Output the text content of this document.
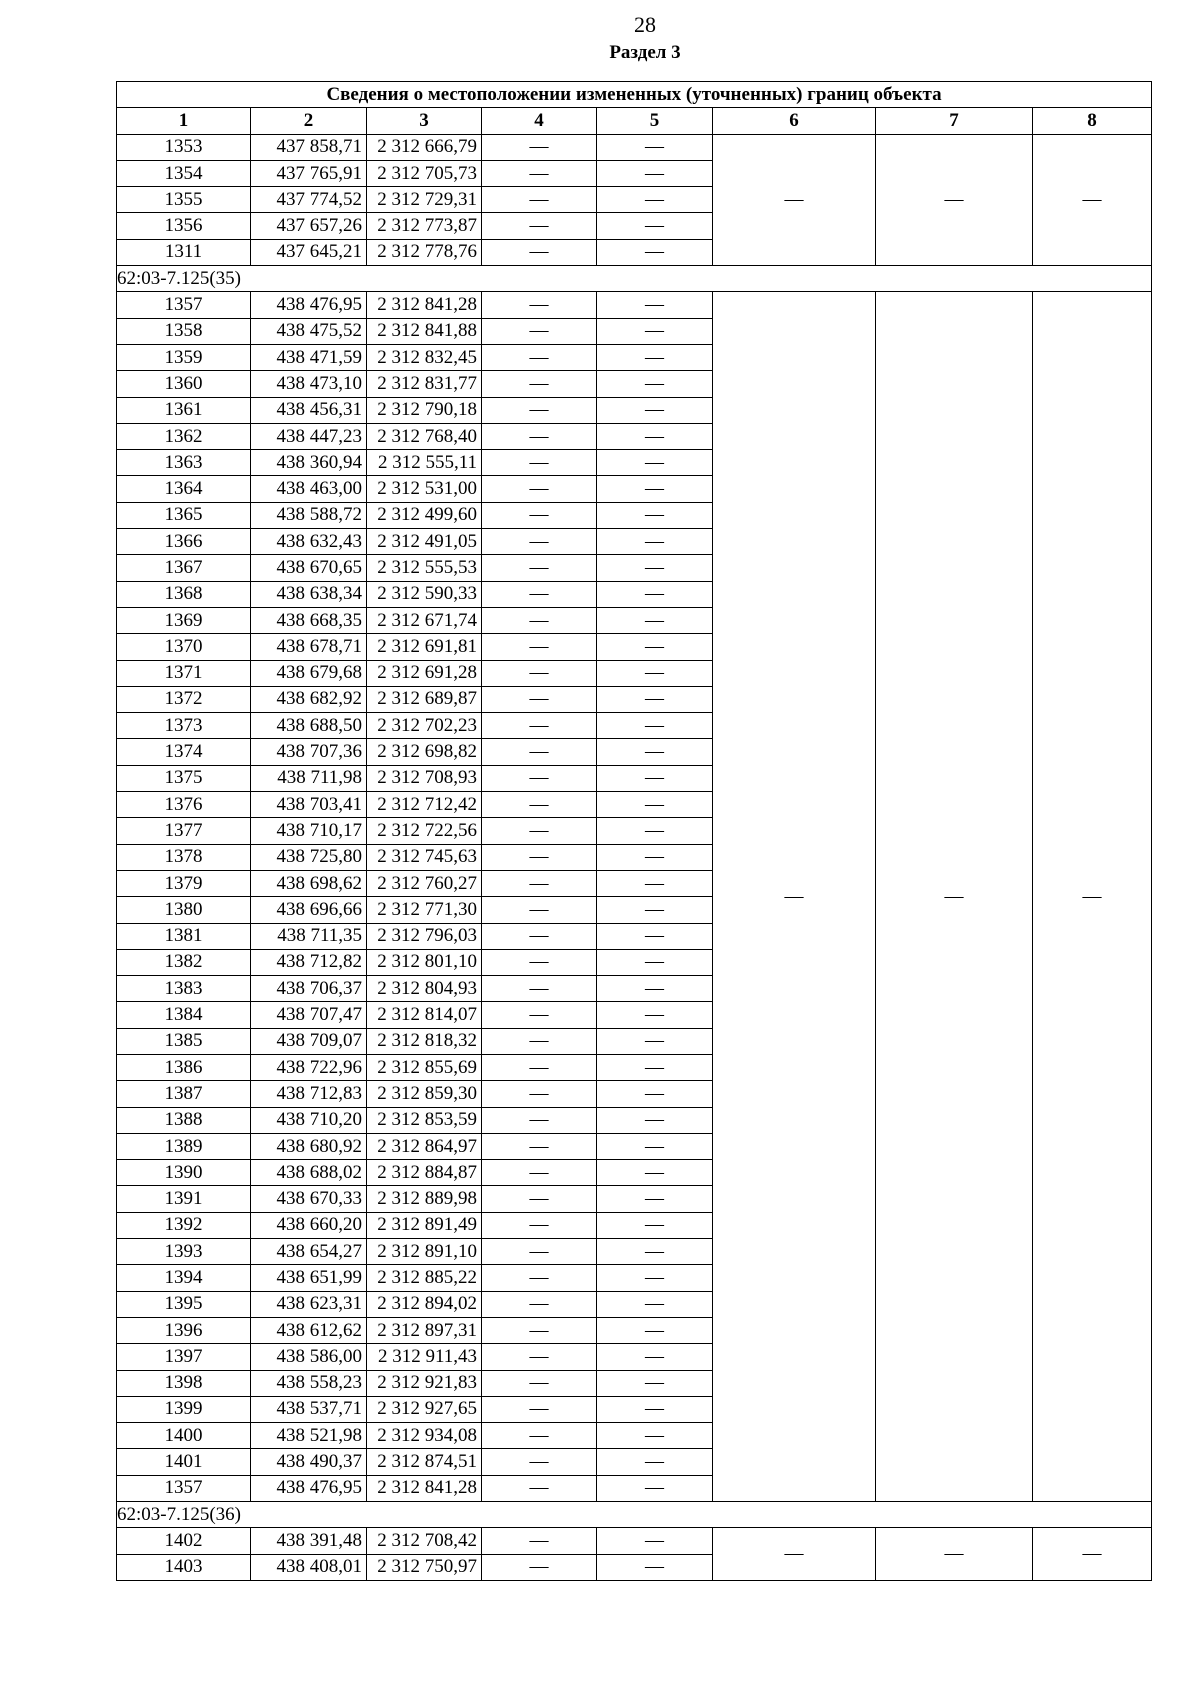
28
Раздел 3
Сведения о местоположении измененных (уточненных) границ объекта							
1	2	3	4	5	6	7	8
1353	437 858,71	2 312 666,79	—	—	—	—	—
1354	437 765,91	2 312 705,73	—	—			
1355	437 774,52	2 312 729,31	—	—			
1356	437 657,26	2 312 773,87	—	—			
1311	437 645,21	2 312 778,76	—	—			
62:03-7.125(35)							
1357	438 476,95	2 312 841,28	—	—	—	—	—
1358	438 475,52	2 312 841,88	—	—			
1359	438 471,59	2 312 832,45	—	—			
1360	438 473,10	2 312 831,77	—	—			
1361	438 456,31	2 312 790,18	—	—			
1362	438 447,23	2 312 768,40	—	—			
1363	438 360,94	2 312 555,11	—	—			
1364	438 463,00	2 312 531,00	—	—			
1365	438 588,72	2 312 499,60	—	—			
1366	438 632,43	2 312 491,05	—	—			
1367	438 670,65	2 312 555,53	—	—			
1368	438 638,34	2 312 590,33	—	—			
1369	438 668,35	2 312 671,74	—	—			
1370	438 678,71	2 312 691,81	—	—			
1371	438 679,68	2 312 691,28	—	—			
1372	438 682,92	2 312 689,87	—	—			
1373	438 688,50	2 312 702,23	—	—			
1374	438 707,36	2 312 698,82	—	—			
1375	438 711,98	2 312 708,93	—	—			
1376	438 703,41	2 312 712,42	—	—			
1377	438 710,17	2 312 722,56	—	—			
1378	438 725,80	2 312 745,63	—	—			
1379	438 698,62	2 312 760,27	—	—			
1380	438 696,66	2 312 771,30	—	—			
1381	438 711,35	2 312 796,03	—	—			
1382	438 712,82	2 312 801,10	—	—			
1383	438 706,37	2 312 804,93	—	—			
1384	438 707,47	2 312 814,07	—	—			
1385	438 709,07	2 312 818,32	—	—			
1386	438 722,96	2 312 855,69	—	—			
1387	438 712,83	2 312 859,30	—	—			
1388	438 710,20	2 312 853,59	—	—			
1389	438 680,92	2 312 864,97	—	—			
1390	438 688,02	2 312 884,87	—	—			
1391	438 670,33	2 312 889,98	—	—			
1392	438 660,20	2 312 891,49	—	—			
1393	438 654,27	2 312 891,10	—	—			
1394	438 651,99	2 312 885,22	—	—			
1395	438 623,31	2 312 894,02	—	—			
1396	438 612,62	2 312 897,31	—	—			
1397	438 586,00	2 312 911,43	—	—			
1398	438 558,23	2 312 921,83	—	—			
1399	438 537,71	2 312 927,65	—	—			
1400	438 521,98	2 312 934,08	—	—			
1401	438 490,37	2 312 874,51	—	—			
1357	438 476,95	2 312 841,28	—	—			
62:03-7.125(36)							
1402	438 391,48	2 312 708,42	—	—	—	—	—
1403	438 408,01	2 312 750,97	—	—			
